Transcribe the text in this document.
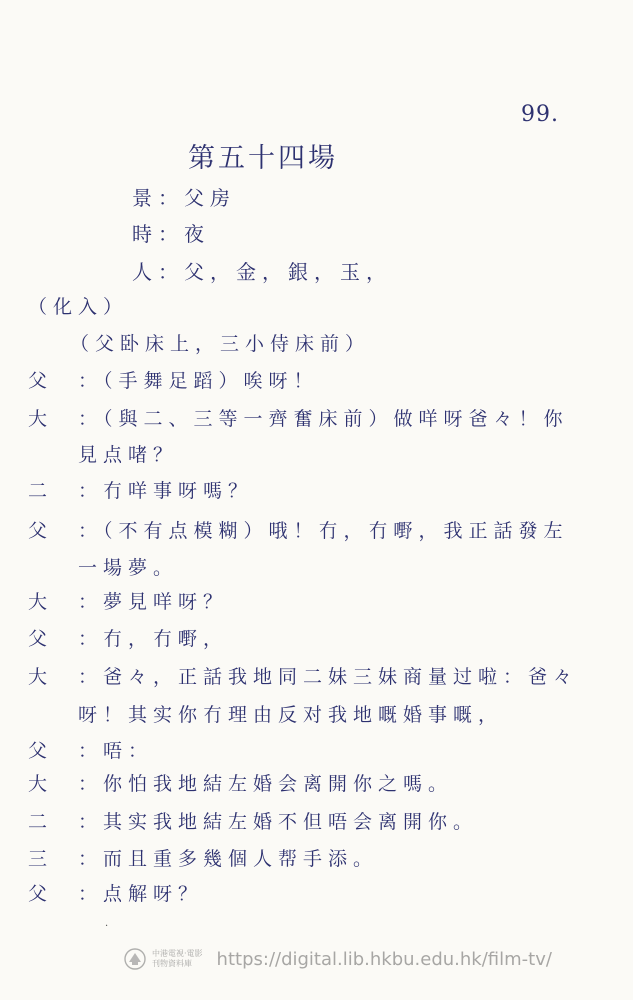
99.
第五十四場
景：父房
時：夜
人：父，金，銀，玉，
（化入）
（父卧床上，三小侍床前）
父 ：（手舞足蹈）唉呀！
大 ：（與二、三等一齊奮床前）做咩呀爸々！你
見点啫？
二 ：冇咩事呀嗎？
父 ：（不有点模糊）哦！冇，冇嘢，我正話發左
一場夢。
大 ：夢見咩呀？
父 ：冇，冇嘢，
大 ：爸々，正話我地同二妹三妹商量过啦：爸々
呀！其实你冇理由反对我地嘅婚事嘅，
父 ：唔：
大 ：你怕我地結左婚会离開你之嗎。
二 ：其实我地結左婚不但唔会离開你。
三 ：而且重多幾個人帮手添。
父 ：点解呀？
·
中港電視·電影
刊物資料庫	https://digital.lib.hkbu.edu.hk/film-tv/
